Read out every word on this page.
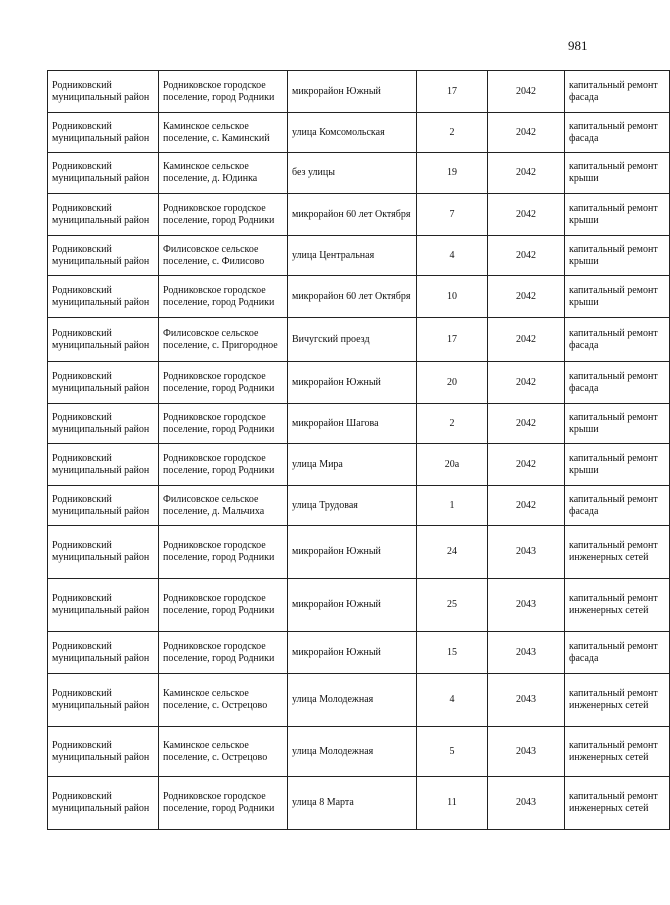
981
Родниковский муниципальный район	Родниковское городское поселение, город Родники	микрорайон Южный	17	2042	капитальный ремонт фасада
Родниковский муниципальный район	Каминское сельское поселение, с. Каминский	улица Комсомольская	2	2042	капитальный ремонт фасада
Родниковский муниципальный район	Каминское сельское поселение, д. Юдинка	без улицы	19	2042	капитальный ремонт крыши
Родниковский муниципальный район	Родниковское городское поселение, город Родники	микрорайон 60 лет Октября	7	2042	капитальный ремонт крыши
Родниковский муниципальный район	Филисовское сельское поселение, с. Филисово	улица Центральная	4	2042	капитальный ремонт крыши
Родниковский муниципальный район	Родниковское городское поселение, город Родники	микрорайон 60 лет Октября	10	2042	капитальный ремонт крыши
Родниковский муниципальный район	Филисовское сельское поселение, с. Пригородное	Вичугский проезд	17	2042	капитальный ремонт фасада
Родниковский муниципальный район	Родниковское городское поселение, город Родники	микрорайон Южный	20	2042	капитальный ремонт фасада
Родниковский муниципальный район	Родниковское городское поселение, город Родники	микрорайон Шагова	2	2042	капитальный ремонт крыши
Родниковский муниципальный район	Родниковское городское поселение, город Родники	улица Мира	20а	2042	капитальный ремонт крыши
Родниковский муниципальный район	Филисовское сельское поселение, д. Мальчиха	улица Трудовая	1	2042	капитальный ремонт фасада
Родниковский муниципальный район	Родниковское городское поселение, город Родники	микрорайон Южный	24	2043	капитальный ремонт инженерных сетей
Родниковский муниципальный район	Родниковское городское поселение, город Родники	микрорайон Южный	25	2043	капитальный ремонт инженерных сетей
Родниковский муниципальный район	Родниковское городское поселение, город Родники	микрорайон Южный	15	2043	капитальный ремонт фасада
Родниковский муниципальный район	Каминское сельское поселение, с. Острецово	улица Молодежная	4	2043	капитальный ремонт инженерных сетей
Родниковский муниципальный район	Каминское сельское поселение, с. Острецово	улица Молодежная	5	2043	капитальный ремонт инженерных сетей
Родниковский муниципальный район	Родниковское городское поселение, город Родники	улица 8 Марта	11	2043	капитальный ремонт инженерных сетей
